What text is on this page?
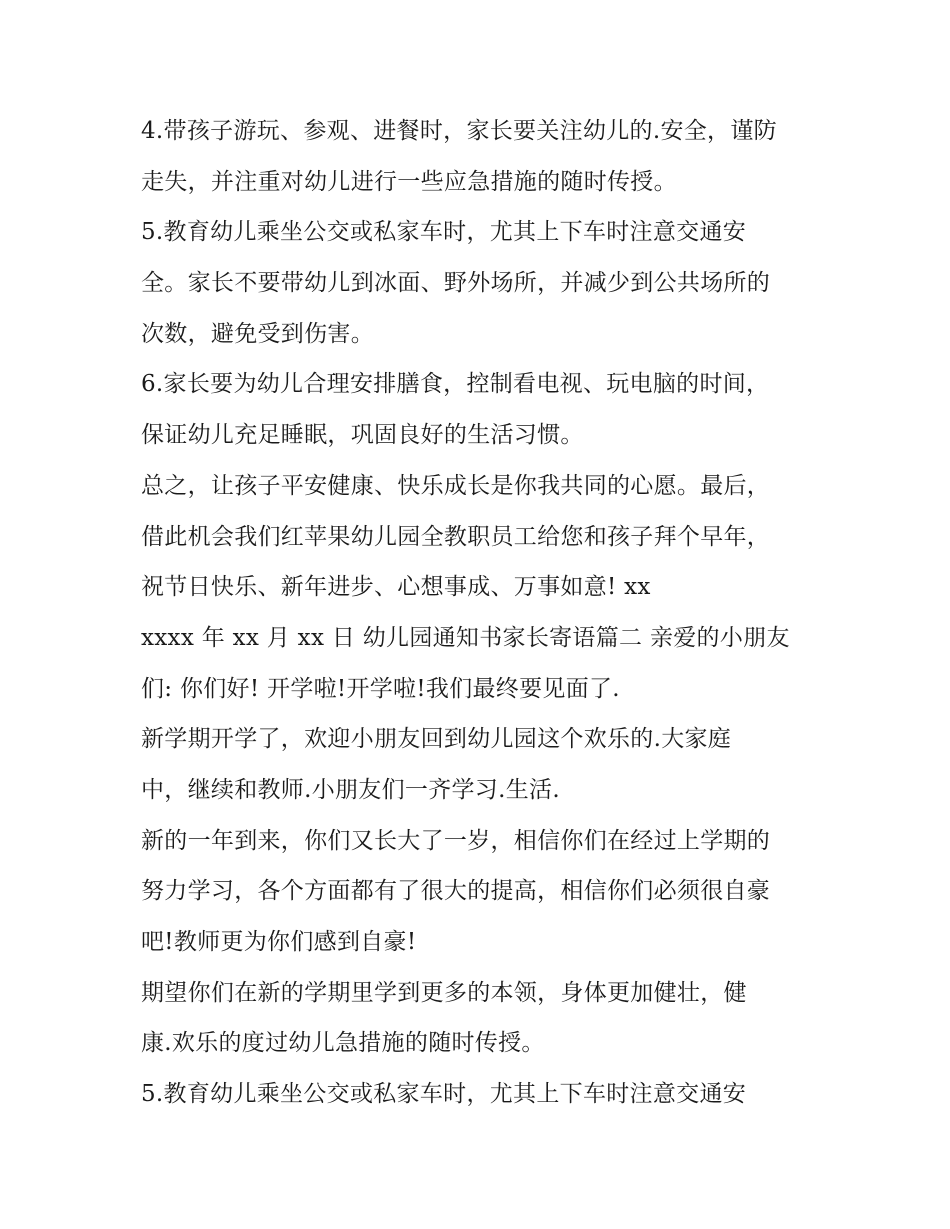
4.带孩子游玩、参观、进餐时，家长要关注幼儿的.安全，谨防
走失，并注重对幼儿进行一些应急措施的随时传授。
5.教育幼儿乘坐公交或私家车时，尤其上下车时注意交通安
全。家长不要带幼儿到冰面、野外场所，并减少到公共场所的
次数，避免受到伤害。
6.家长要为幼儿合理安排膳食，控制看电视、玩电脑的时间，
保证幼儿充足睡眠，巩固良好的生活习惯。
总之，让孩子平安健康、快乐成长是你我共同的心愿。最后，
借此机会我们红苹果幼儿园全教职员工给您和孩子拜个早年，
祝节日快乐、新年进步、心想事成、万事如意! xx
xxxx 年 xx 月 xx 日 幼儿园通知书家长寄语篇二 亲爱的小朋友
们: 你们好! 开学啦!开学啦!我们最终要见面了.
新学期开学了，欢迎小朋友回到幼儿园这个欢乐的.大家庭
中，继续和教师.小朋友们一齐学习.生活.
新的一年到来，你们又长大了一岁，相信你们在经过上学期的
努力学习，各个方面都有了很大的提高，相信你们必须很自豪
吧!教师更为你们感到自豪!
期望你们在新的学期里学到更多的本领，身体更加健壮，健
康.欢乐的度过幼儿急措施的随时传授。
5.教育幼儿乘坐公交或私家车时，尤其上下车时注意交通安
